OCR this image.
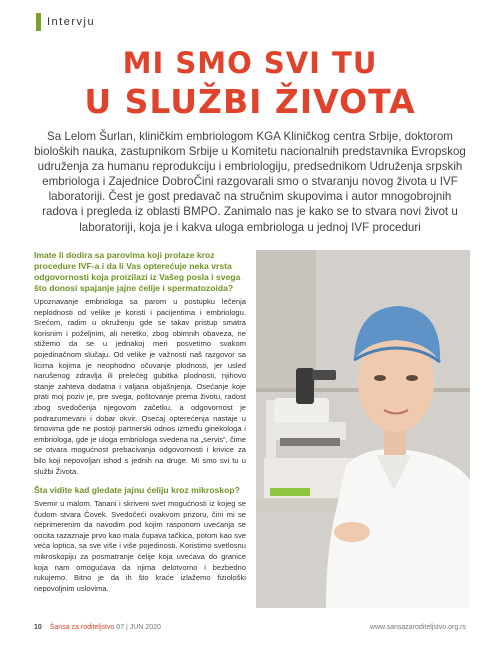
Intervju
MI SMO SVI TU
U SLUŽBI ŽIVOTA
Sa Lelom Šurlan, kliničkim embriologom KGA Kliničkog centra Srbije, doktorom bioloških nauka, zastupnikom Srbije u Komitetu nacionalnih predstavnika Evropskog udruženja za humanu reprodukciju i embriologiju, predsednikom Udruženja srpskih embriologa i Zajednice DobroČini razgovarali smo o stvaranju novog života u IVF laboratoriji. Čest je gost predavač na stručnim skupovima i autor mnogobrojnih radova i pregleda iz oblasti BMPO. Zanimalo nas je kako se to stvara novi život u laboratoriji, koja je i kakva uloga embriologa u jednoj IVF proceduri

Imate li dodira sa parovima koji prolaze kroz procedure IVF-a i da li Vas opterećuje neka vrsta odgovornosti koja proizilazi iz Vašeg posla i svega što donosi spajanje jajne ćelije i spermatozoida?

Upoznavanje embriologa sa parom u postupku lečenja neplodnosti od velike je koristi i pacijentima i embriologu. Srećom, radim u okruženju gde se takav pristup smatra korisnim i poželjnim, ali neretko, zbog obimnih obaveza, ne stižemo da se u jednakoj meri posvetimo svakom pojedinačnom slučaju. Od velike je važnosti naš razgovor sa licima kojima je neophodno očuvanje plodnosti, jer usled narušenog zdravlja ili prelećeg gubitka plodnosti, njihovo stanje zahteva dodatna i valjana objašnjenja. Osećanje koje prati moj poziv je, pre svega, poštovanje prema životu, radost zbog svedočenja njegovom začetku, a odgovornost je podrazumevani i dobar okvir. Osećaj opterećenja nastaje u timovima gde ne postoji partnerski odnos između ginekologa i embriologa, gde je uloga embriologa svedena na „servis“, čime se otvara mogućnost prebacivanja odgovornosti i krivice za bilo koji nepovoljan ishod s jednih na druge. Mi smo svi tu u službi Života.

Šta vidite kad gledate jajnu ćeliju kroz mikroskop?

Svemir u malom. Tanani i skriveni svet mogućnosti iz kojeg se čudom stvara Čovek. Svedočeći ovakvom prizoru, čini mi se neprimerenim da navodim pod kojim rasponom uvećanja se oocita razaznaje prvo kao mala čupava tačkica, potom kao sve veća loptica, sa sve više i više pojedinosti. Koristimo svetlosnu mikroskopiju za posmatranje ćelije koja uvećava do granice koja nam omogućava da njima delotvorno i bezbedno rukujemo. Bitno je da ih što kraće izlažemo fiziološki nepovoljnim uslovima.

10 Šansa za roditeljstvo 07 | JUN 2020	www.sansazaroditeljstvo.org.rs
